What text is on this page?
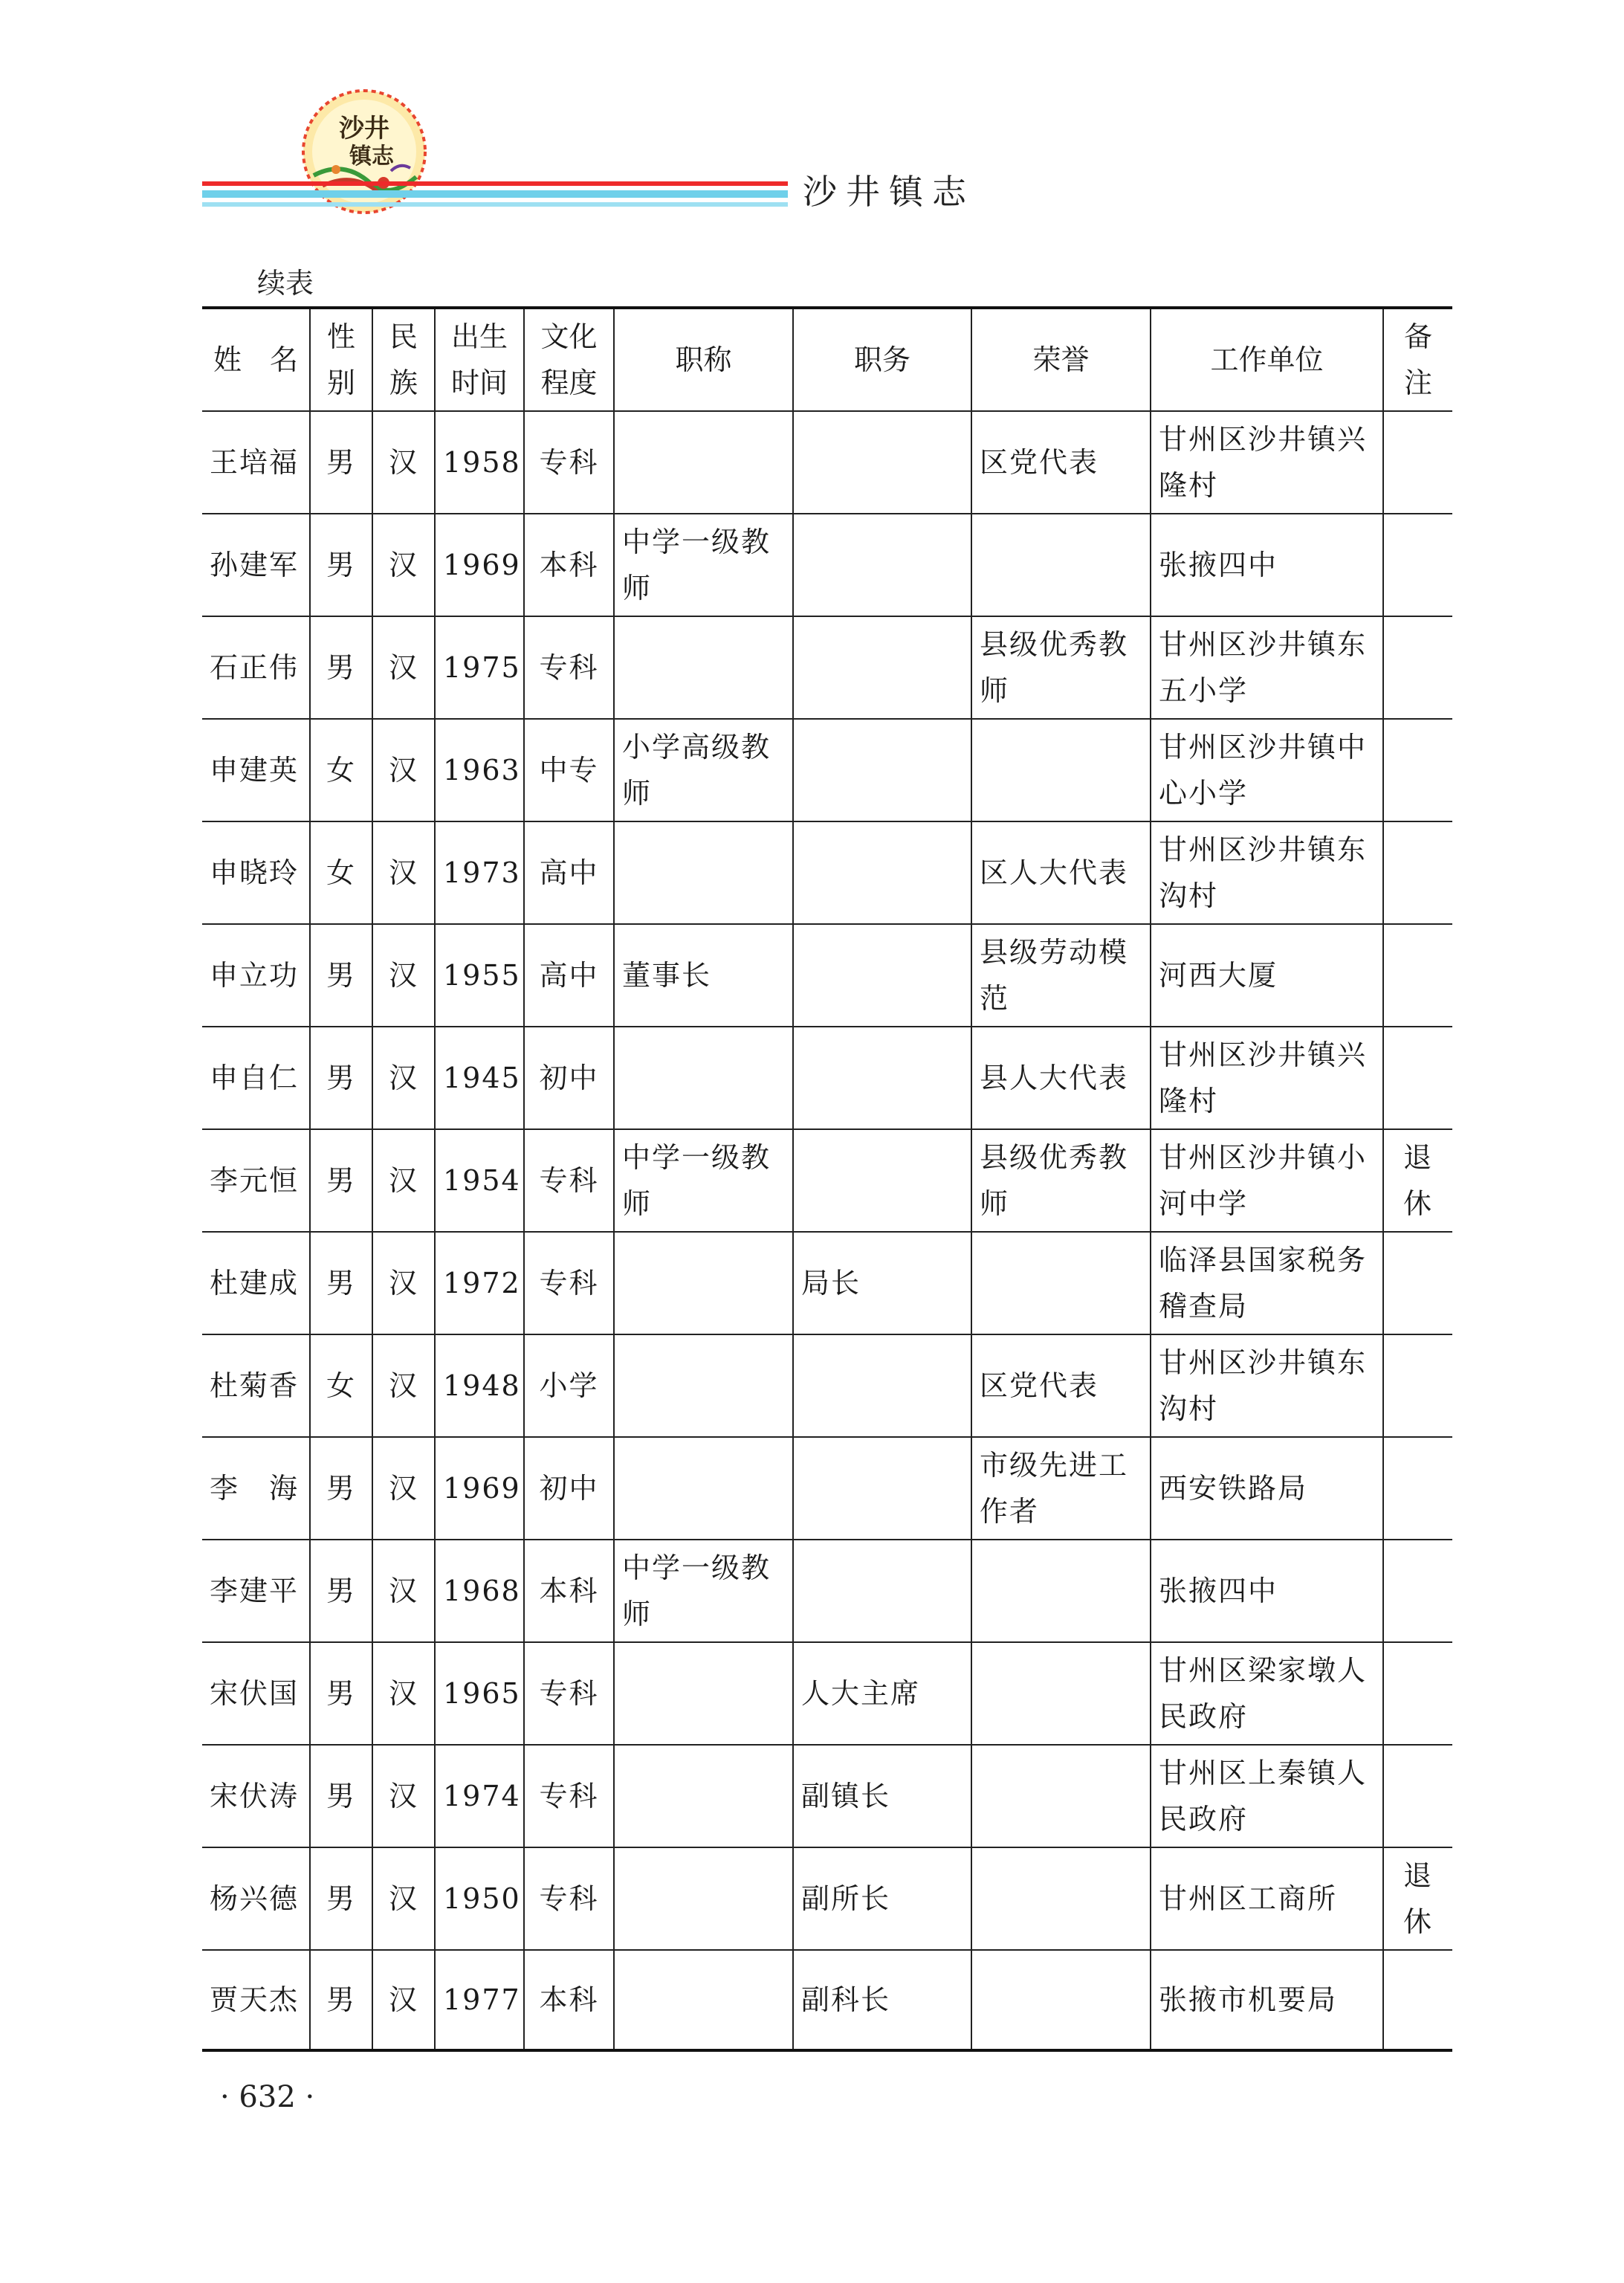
沙井
镇志
沙井镇志
续表
姓　名	性别	民族	出生时间	文化程度	职称	职务	荣誉	工作单位	备注
王培福	男	汉	1958	专科			区党代表	甘州区沙井镇兴隆村	
孙建军	男	汉	1969	本科	中学一级教师			张掖四中	
石正伟	男	汉	1975	专科			县级优秀教师	甘州区沙井镇东五小学	
申建英	女	汉	1963	中专	小学高级教师			甘州区沙井镇中心小学	
申晓玲	女	汉	1973	高中			区人大代表	甘州区沙井镇东沟村	
申立功	男	汉	1955	高中	董事长		县级劳动模范	河西大厦	
申自仁	男	汉	1945	初中			县人大代表	甘州区沙井镇兴隆村	
李元恒	男	汉	1954	专科	中学一级教师		县级优秀教师	甘州区沙井镇小河中学	退休
杜建成	男	汉	1972	专科		局长		临泽县国家税务稽查局	
杜菊香	女	汉	1948	小学			区党代表	甘州区沙井镇东沟村	
李　海	男	汉	1969	初中			市级先进工作者	西安铁路局	
李建平	男	汉	1968	本科	中学一级教师			张掖四中	
宋伏国	男	汉	1965	专科		人大主席		甘州区梁家墩人民政府	
宋伏涛	男	汉	1974	专科		副镇长		甘州区上秦镇人民政府	
杨兴德	男	汉	1950	专科		副所长		甘州区工商所	退休
贾天杰	男	汉	1977	本科		副科长		张掖市机要局	
· 632 ·
